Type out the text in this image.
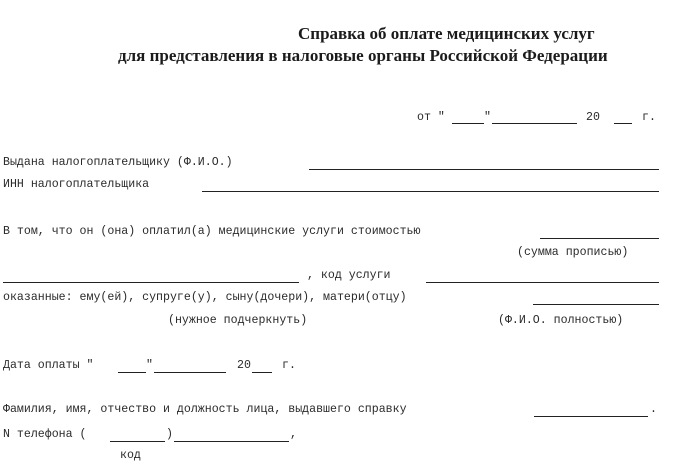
Справка об оплате медицинских услуг
для представления в налоговые органы Российской Федерации
от "	"	20	г.
Выдана налогоплательщику (Ф.И.О.)
ИНН налогоплательщика
В том, что он (она) оплатил(а) медицинские услуги стоимостью
(сумма прописью)
, код услуги
оказанные: ему(ей), супруге(у), сыну(дочери), матери(отцу)
(нужное подчеркнуть)	(Ф.И.О. полностью)
Дата оплаты "	"	20	г.
Фамилия, имя, отчество и должность лица, выдавшего справку	.
N телефона (	)	,
код
